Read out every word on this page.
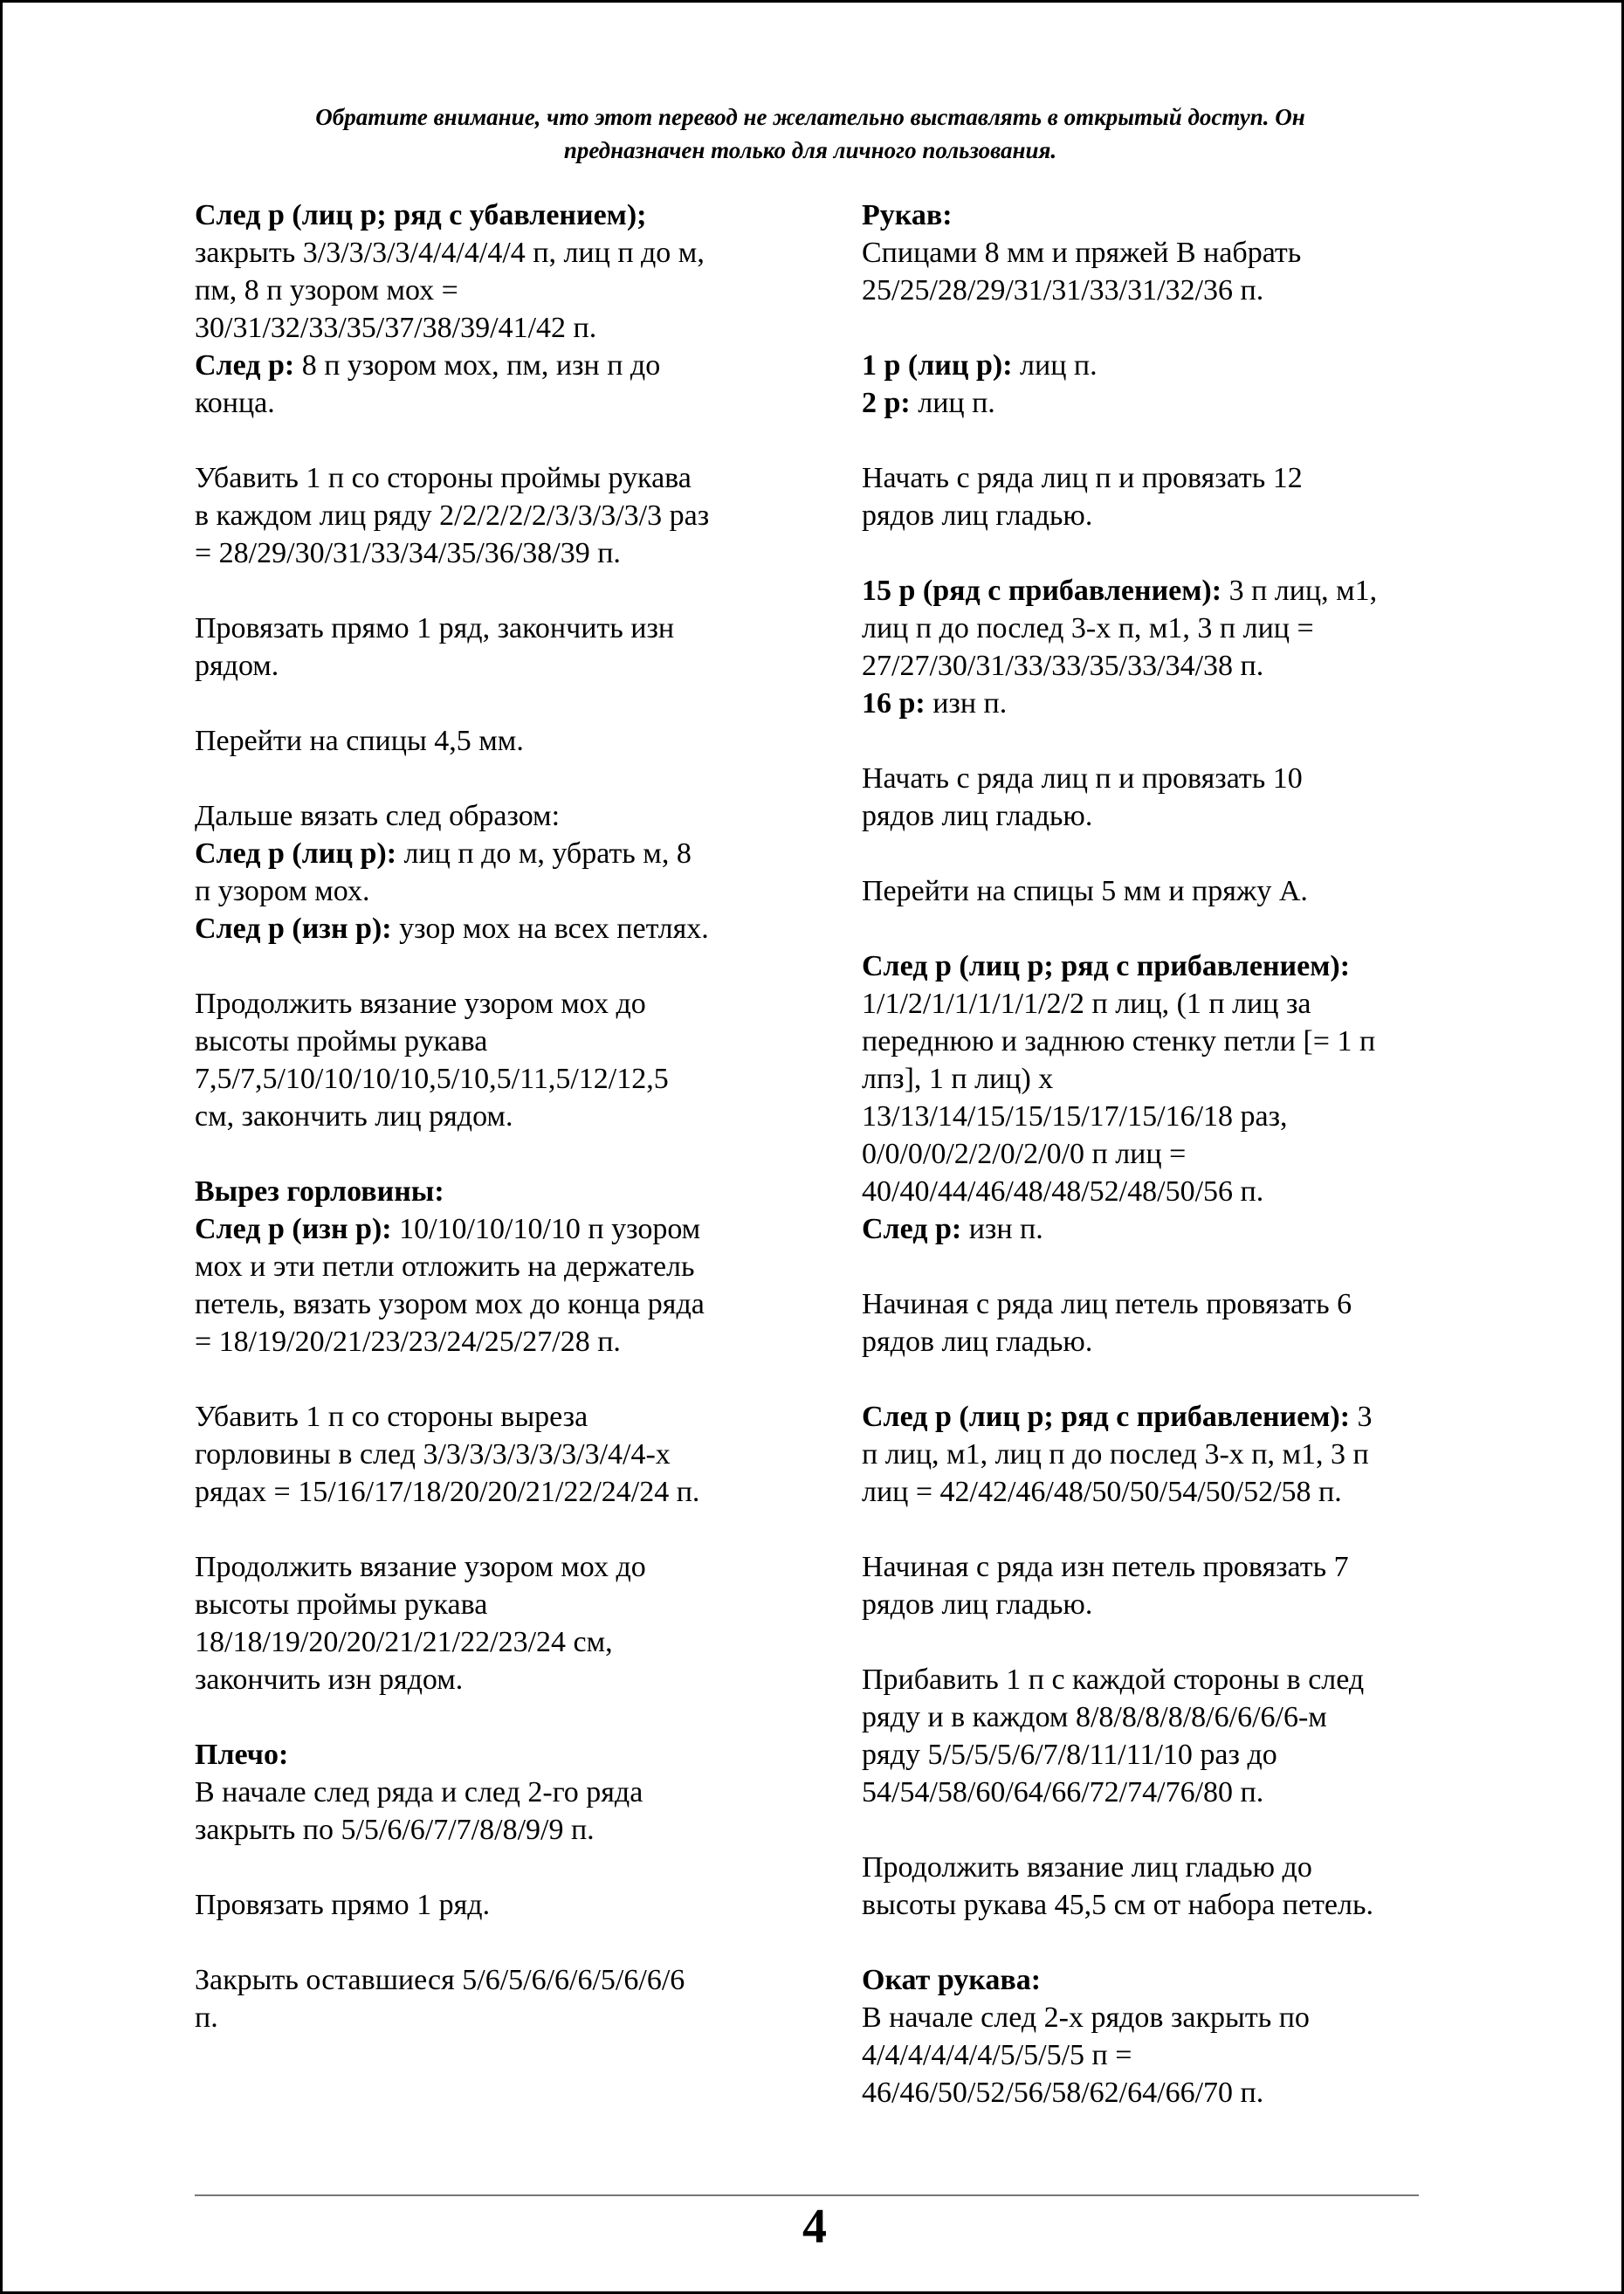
Обратите внимание, что этот перевод не желательно выставлять в открытый доступ. Он
предназначен только для личного пользования.

След р (лиц р; ряд с убавлением);
закрыть 3/3/3/3/3/4/4/4/4/4 п, лиц п до м,
пм, 8 п узором мох =
30/31/32/33/35/37/38/39/41/42 п.
След р: 8 п узором мох, пм, изн п до
конца.

Убавить 1 п со стороны проймы рукава
в каждом лиц ряду 2/2/2/2/2/3/3/3/3/3 раз
= 28/29/30/31/33/34/35/36/38/39 п.

Провязать прямо 1 ряд, закончить изн
рядом.

Перейти на спицы 4,5 мм.

Дальше вязать след образом:
След р (лиц р): лиц п до м, убрать м, 8
п узором мох.
След р (изн р): узор мох на всех петлях.

Продолжить вязание узором мох до
высоты проймы рукава
7,5/7,5/10/10/10/10,5/10,5/11,5/12/12,5
см, закончить лиц рядом.

Вырез горловины:
След р (изн р): 10/10/10/10/10 п узором
мох и эти петли отложить на держатель
петель, вязать узором мох до конца ряда
= 18/19/20/21/23/23/24/25/27/28 п.

Убавить 1 п со стороны выреза
горловины в след 3/3/3/3/3/3/3/3/4/4-х
рядах = 15/16/17/18/20/20/21/22/24/24 п.

Продолжить вязание узором мох до
высоты проймы рукава
18/18/19/20/20/21/21/22/23/24 см,
закончить изн рядом.

Плечо:
В начале след ряда и след 2-го ряда
закрыть по 5/5/6/6/7/7/8/8/9/9 п.

Провязать прямо 1 ряд.

Закрыть оставшиеся 5/6/5/6/6/6/5/6/6/6
п.

Рукав:
Спицами 8 мм и пряжей В набрать
25/25/28/29/31/31/33/31/32/36 п.

1 р (лиц р): лиц п.
2 р: лиц п.

Начать с ряда лиц п и провязать 12
рядов лиц гладью.

15 р (ряд с прибавлением): 3 п лиц, м1,
лиц п до послед 3-х п, м1, 3 п лиц =
27/27/30/31/33/33/35/33/34/38 п.
16 р: изн п.

Начать с ряда лиц п и провязать 10
рядов лиц гладью.

Перейти на спицы 5 мм и пряжу А.

След р (лиц р; ряд с прибавлением):
1/1/2/1/1/1/1/1/2/2 п лиц, (1 п лиц за
переднюю и заднюю стенку петли [= 1 п
лпз], 1 п лиц) х
13/13/14/15/15/15/17/15/16/18 раз,
0/0/0/0/2/2/0/2/0/0 п лиц =
40/40/44/46/48/48/52/48/50/56 п.
След р: изн п.

Начиная с ряда лиц петель провязать 6
рядов лиц гладью.

След р (лиц р; ряд с прибавлением): 3
п лиц, м1, лиц п до послед 3-х п, м1, 3 п
лиц = 42/42/46/48/50/50/54/50/52/58 п.

Начиная с ряда изн петель провязать 7
рядов лиц гладью.

Прибавить 1 п с каждой стороны в след
ряду и в каждом 8/8/8/8/8/8/6/6/6/6-м
ряду 5/5/5/5/6/7/8/11/11/10 раз до
54/54/58/60/64/66/72/74/76/80 п.

Продолжить вязание лиц гладью до
высоты рукава 45,5 см от набора петель.

Окат рукава:
В начале след 2-х рядов закрыть по
4/4/4/4/4/4/5/5/5/5 п =
46/46/50/52/56/58/62/64/66/70 п.

4
